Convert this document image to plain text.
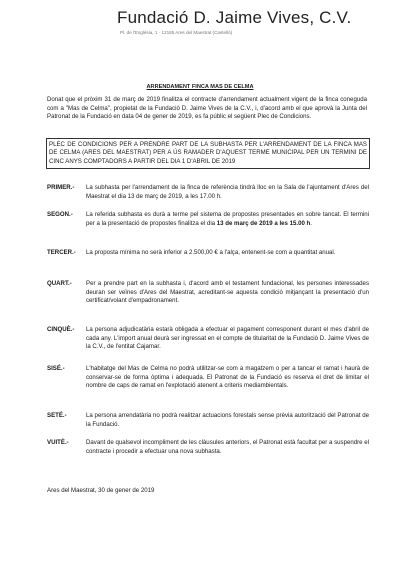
Fundació D. Jaime Vives, C.V.
Pl. de l'Església, 1 · 12165 Ares del Maestrat (Castelló)
ARRENDAMENT FINCA MAS DE CELMA
Donat que el pròxim 31 de març de 2019 finalitza el contracte d'arrendament actualment vigent de la finca coneguda com a "Mas de Celma", propietat de la Fundació D. Jaime Vives de la C.V., i, d'acord amb el que aprovà la Junta del Patronat de la Fundació en data 04 de gener de 2019, es fa públic el següent Plec de Condicions.
PLEC DE CONDICIONS PER A PRENDRE PART DE LA SUBHASTA PER L'ARRENDAMENT DE LA FINCA MAS DE CELMA (ARES DEL MAESTRAT) PER A ÚS RAMADER D'AQUEST TERME MUNICIPAL PER UN TERMINI DE CINC ANYS COMPTADORS A PARTIR DEL DIA 1 D'ABRIL DE 2019
PRIMER.- La subhasta per l'arrendament de la finca de referència tindrà lloc en la Sala de l'ajuntament d'Ares del Maestrat el dia 13 de març de 2019, a les 17.00 h.
SEGON.- La referida subhasta es durà a terme pel sistema de propostes presentades en sobre tancat. El termini per a la presentació de propostes finalitza el dia 13 de març de 2019 a les 15.00 h.
TERCER.- La proposta mínima no serà inferior a 2.500,00 € a l'alça, entenent-se com a quantitat anual.
QUART.- Per a prendre part en la subhasta i, d'acord amb el testament fundacional, les persones interessades deuran ser veïnes d'Ares del Maestrat, acreditant-se aquesta condició mitjançant la presentació d'un certificat/volant d'empadronament.
CINQUÈ.- La persona adjudicatària estarà obligada a efectuar el pagament corresponent durant el mes d'abril de cada any. L'import anual deurà ser ingressat en el compte de titularitat de la Fundació D. Jaime Vives de la C.V., de l'entitat Cajamar.
SISÉ.-	L'habitatge del Mas de Celma no podrà utilitzar-se com a magatzem o per a tancar el ramat i haurà de conservar-se de forma òptima i adequada. El Patronat de la Fundació es reserva el dret de limitar el nombre de caps de ramat en l'explotació atenent a criteris mediambientals.
SETÉ.-	La persona arrendatària no podrà realitzar actuacions forestals sense prèvia autorització del Patronat de la Fundació.
VUITÈ.-	Davant de qualsevol incompliment de les clàusules anteriors, el Patronat està facultat per a suspendre el contracte i procedir a efectuar una nova subhasta.
Ares del Maestrat, 30 de gener de 2019
